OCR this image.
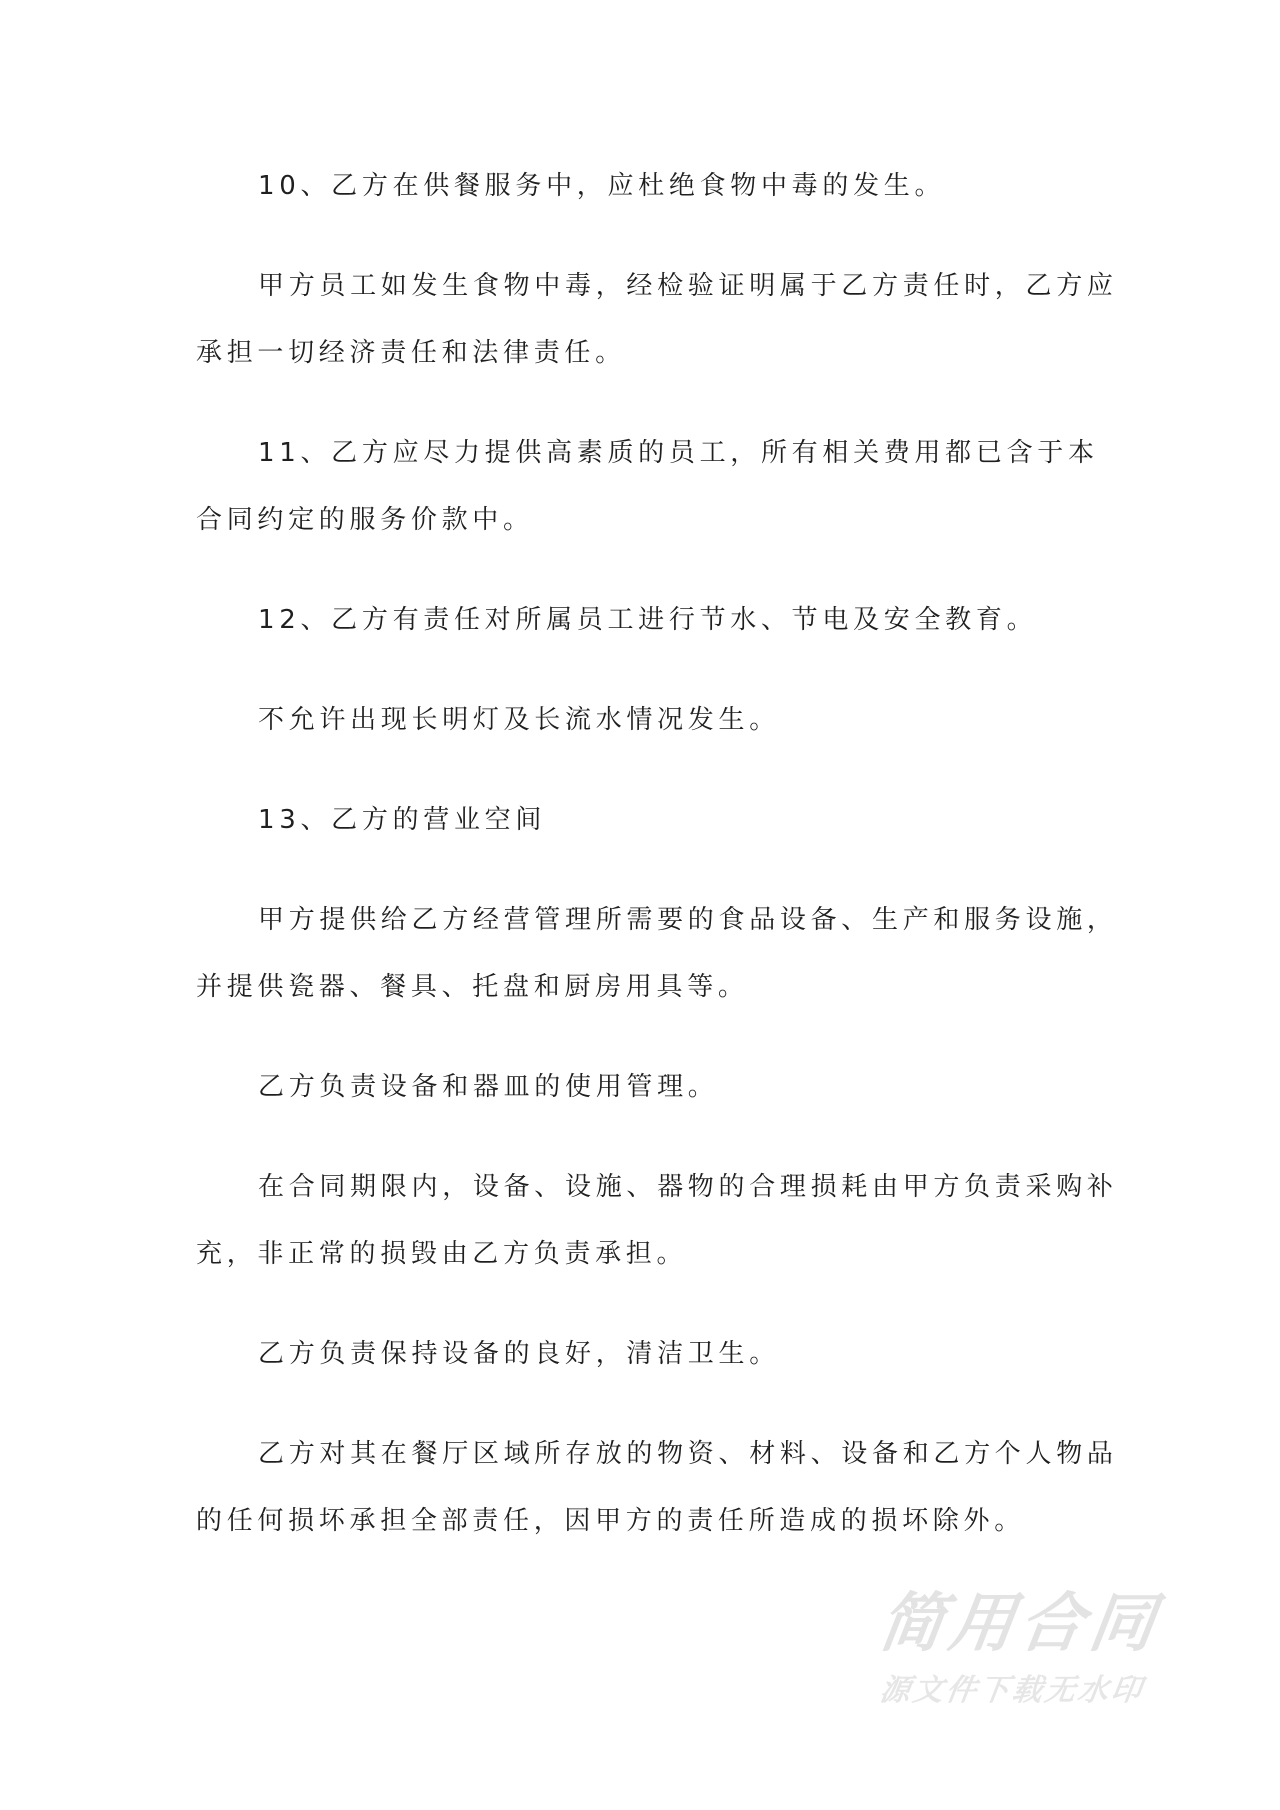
10、乙方在供餐服务中，应杜绝食物中毒的发生。
甲方员工如发生食物中毒，经检验证明属于乙方责任时，乙方应
承担一切经济责任和法律责任。
11、乙方应尽力提供高素质的员工，所有相关费用都已含于本
合同约定的服务价款中。
12、乙方有责任对所属员工进行节水、节电及安全教育。
不允许出现长明灯及长流水情况发生。
13、乙方的营业空间
甲方提供给乙方经营管理所需要的食品设备、生产和服务设施，
并提供瓷器、餐具、托盘和厨房用具等。
乙方负责设备和器皿的使用管理。
在合同期限内，设备、设施、器物的合理损耗由甲方负责采购补
充，非正常的损毁由乙方负责承担。
乙方负责保持设备的良好，清洁卫生。
乙方对其在餐厅区域所存放的物资、材料、设备和乙方个人物品
的任何损坏承担全部责任，因甲方的责任所造成的损坏除外。
简用合同
源文件下载无水印
